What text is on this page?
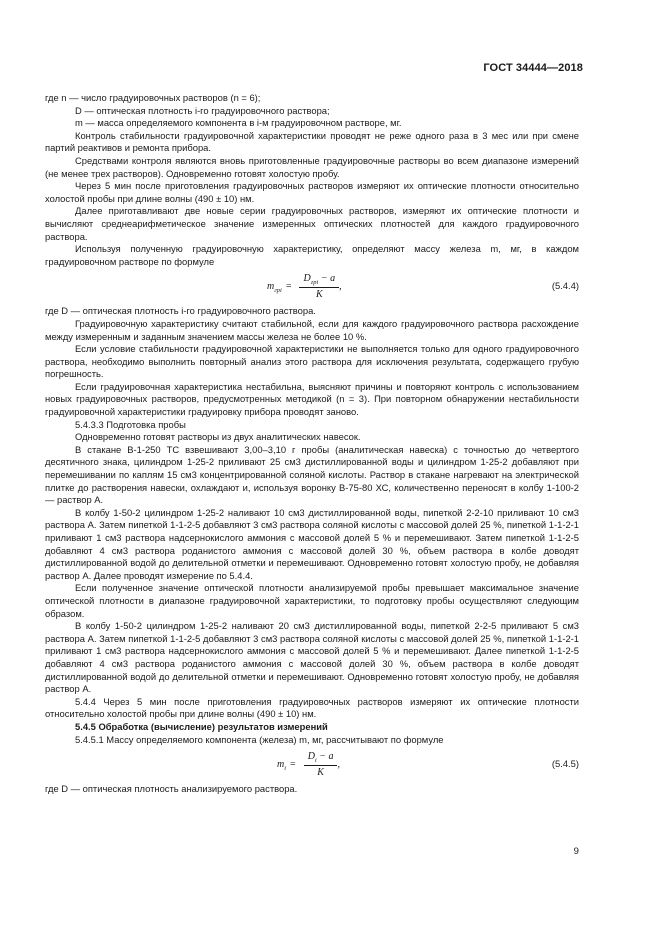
ГОСТ 34444—2018

где n — число градуировочных растворов (n = 6);

D — оптическая плотность i-го градуировочного раствора;

m — масса определяемого компонента в i-м градуировочном растворе, мг.

Контроль стабильности градуировочной характеристики проводят не реже одного раза в 3 мес или при смене партий реактивов и ремонта прибора.

Средствами контроля являются вновь приготовленные градуировочные растворы во всем диапазоне измерений (не менее трех растворов). Одновременно готовят холостую пробу.

Через 5 мин после приготовления градуировочных растворов измеряют их оптические плотности относительно холостой пробы при длине волны (490 ± 10) нм.

Далее приготавливают две новые серии градуировочных растворов, измеряют их оптические плотности и вычисляют среднеарифметическое значение измеренных оптических плотностей для каждого градуировочного раствора.

Используя полученную градуировочную характеристику, определяют массу железа m, мг, в каждом градуировочном растворе по формуле

$m_{грi} = \frac{D_{грi} - a}{K}$ ,	(5.4.4)

где D — оптическая плотность i-го градуировочного раствора.

Градуировочную характеристику считают стабильной, если для каждого градуировочного раствора расхождение между измеренным и заданным значением массы железа не более 10 %.

Если условие стабильности градуировочной характеристики не выполняется только для одного градуировочного раствора, необходимо выполнить повторный анализ этого раствора для исключения результата, содержащего грубую погрешность.

Если градуировочная характеристика нестабильна, выясняют причины и повторяют контроль с использованием новых градуировочных растворов, предусмотренных методикой (n = 3). При повторном обнаружении нестабильности градуировочной характеристики градуировку прибора проводят заново.

5.4.3.3 Подготовка пробы

Одновременно готовят растворы из двух аналитических навесок.

В стакане В-1-250 ТС взвешивают 3,00–3,10 г пробы (аналитическая навеска) с точностью до четвертого десятичного знака, цилиндром 1-25-2 приливают 25 см3 дистиллированной воды и цилиндром 1-25-2 добавляют при перемешивании по каплям 15 см3 концентрированной соляной кислоты. Раствор в стакане нагревают на электрической плитке до растворения навески, охлаждают и, используя воронку В-75-80 ХС, количественно переносят в колбу 1-100-2 — раствор А.

В колбу 1-50-2 цилиндром 1-25-2 наливают 10 см3 дистиллированной воды, пипеткой 2-2-10 приливают 10 см3 раствора А. Затем пипеткой 1-1-2-5 добавляют 3 см3 раствора соляной кислоты с массовой долей 25 %, пипеткой 1-1-2-1 приливают 1 см3 раствора надсернокислого аммония с массовой долей 5 % и перемешивают. Затем пипеткой 1-1-2-5 добавляют 4 см3 раствора роданистого аммония с массовой долей 30 %, объем раствора в колбе доводят дистиллированной водой до делительной отметки и перемешивают. Одновременно готовят холостую пробу, не добавляя раствор А. Далее проводят измерение по 5.4.4.

Если полученное значение оптической плотности анализируемой пробы превышает максимальное значение оптической плотности в диапазоне градуировочной характеристики, то подготовку пробы осуществляют следующим образом.

В колбу 1-50-2 цилиндром 1-25-2 наливают 20 см3 дистиллированной воды, пипеткой 2-2-5 приливают 5 см3 раствора А. Затем пипеткой 1-1-2-5 добавляют 3 см3 раствора соляной кислоты с массовой долей 25 %, пипеткой 1-1-2-1 приливают 1 см3 раствора надсернокислого аммония с массовой долей 5 % и перемешивают. Далее пипеткой 1-1-2-5 добавляют 4 см3 раствора роданистого аммония с массовой долей 30 %, объем раствора в колбе доводят дистиллированной водой до делительной отметки и перемешивают. Одновременно готовят холостую пробу, не добавляя раствор А.

5.4.4 Через 5 мин после приготовления градуировочных растворов измеряют их оптические плотности относительно холостой пробы при длине волны (490 ± 10) нм.

5.4.5 Обработка (вычисление) результатов измерений

5.4.5.1 Массу определяемого компонента (железа) m, мг, рассчитывают по формуле

$m_i = \frac{D_i - a}{K}$ ,	(5.4.5)

где D — оптическая плотность анализируемого раствора.

9
